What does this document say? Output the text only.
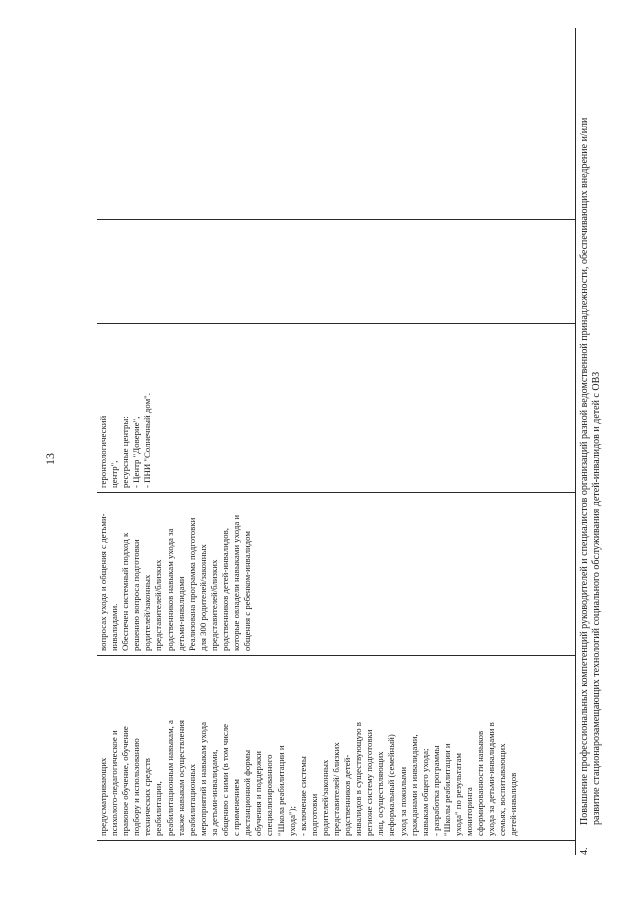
13

предусматривающих психолого-педагогическое и правовое обучение, обучение подбору и использованию технических средств реабилитации, реабилитационным навыкам, а также навыкам осуществления реабилитационных мероприятий и навыкам ухода за детьми-инвалидами, общению с ними (в том числе с применением дистанционной формы обучения и поддержки специализированного "Школа реабилитации и ухода"); - включение системы подготовки родителей/законных представителей/ близких родственников детей- инвалидов в существующую в регионе систему подготовки лиц, осуществляющих неформальный (семейный) уход за пожилыми гражданами и инвалидами, навыкам общего ухода; - разработка программы "Школы реабилитации и ухода" по результатам мониторинга сформированности навыков ухода за детьми-инвалидами в семьях, воспитывающих детей-инвалидов

вопросах ухода и общения с детьми- инвалидами. Обеспечен системный подход к решению вопроса подготовки родителей/законных представителей/близких родственников навыкам ухода за детьми-инвалидами Реализована программа подготовки для 300 родителей/законных представителей/близких родственников детей-инвалидов, которые овладели навыками ухода и общения с ребенком-инвалидом

геронтологический центр", ресурсные центры: - Центр "Доверие", - ПНИ "Солнечный дом".

4.
Повышение профессиональных компетенций руководителей и специалистов организаций разной ведомственной принадлежности, обеспечивающих внедрение и/или развитие стационарозамещающих технологий социального обслуживания детей-инвалидов и детей с ОВЗ
